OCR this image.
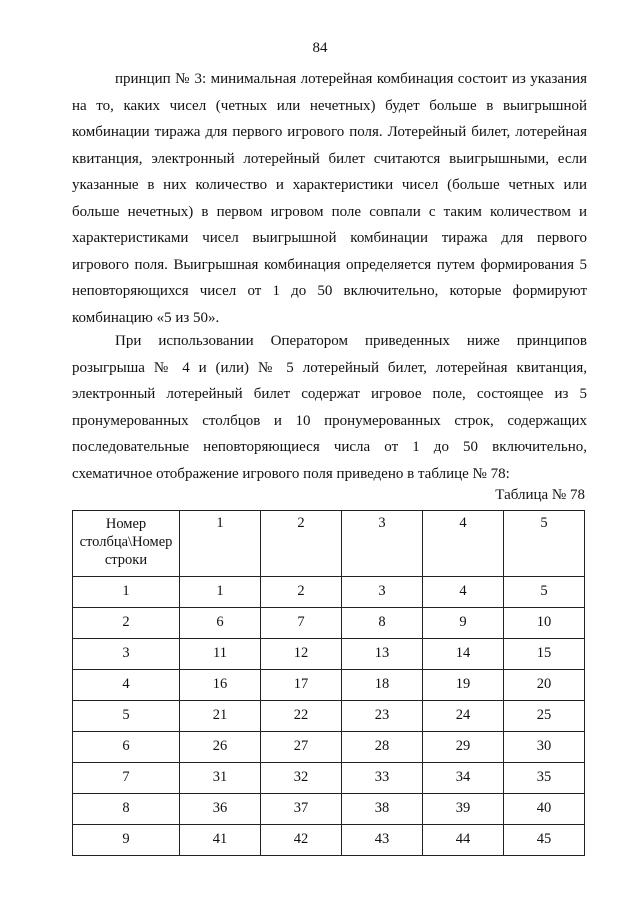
84

принцип № 3: минимальная лотерейная комбинация состоит из указания на то, каких чисел (четных или нечетных) будет больше в выигрышной комбинации тиража для первого игрового поля. Лотерейный билет, лотерейная квитанция, электронный лотерейный билет считаются выигрышными, если указанные в них количество и характеристики чисел (больше четных или больше нечетных) в первом игровом поле совпали с таким количеством и характеристиками чисел выигрышной комбинации тиража для первого игрового поля. Выигрышная комбинация определяется путем формирования 5 неповторяющихся чисел от 1 до 50 включительно, которые формируют комбинацию «5 из 50».

При использовании Оператором приведенных ниже принципов розыгрыша № 4 и (или) № 5 лотерейный билет, лотерейная квитанция, электронный лотерейный билет содержат игровое поле, состоящее из 5 пронумерованных столбцов и 10 пронумерованных строк, содержащих последовательные неповторяющиеся числа от 1 до 50 включительно, схематичное отображение игрового поля приведено в таблице № 78:

Таблица № 78
Номер столбца\Номер строки	1	2	3	4	5
1	1	2	3	4	5
2	6	7	8	9	10
3	11	12	13	14	15
4	16	17	18	19	20
5	21	22	23	24	25
6	26	27	28	29	30
7	31	32	33	34	35
8	36	37	38	39	40
9	41	42	43	44	45
